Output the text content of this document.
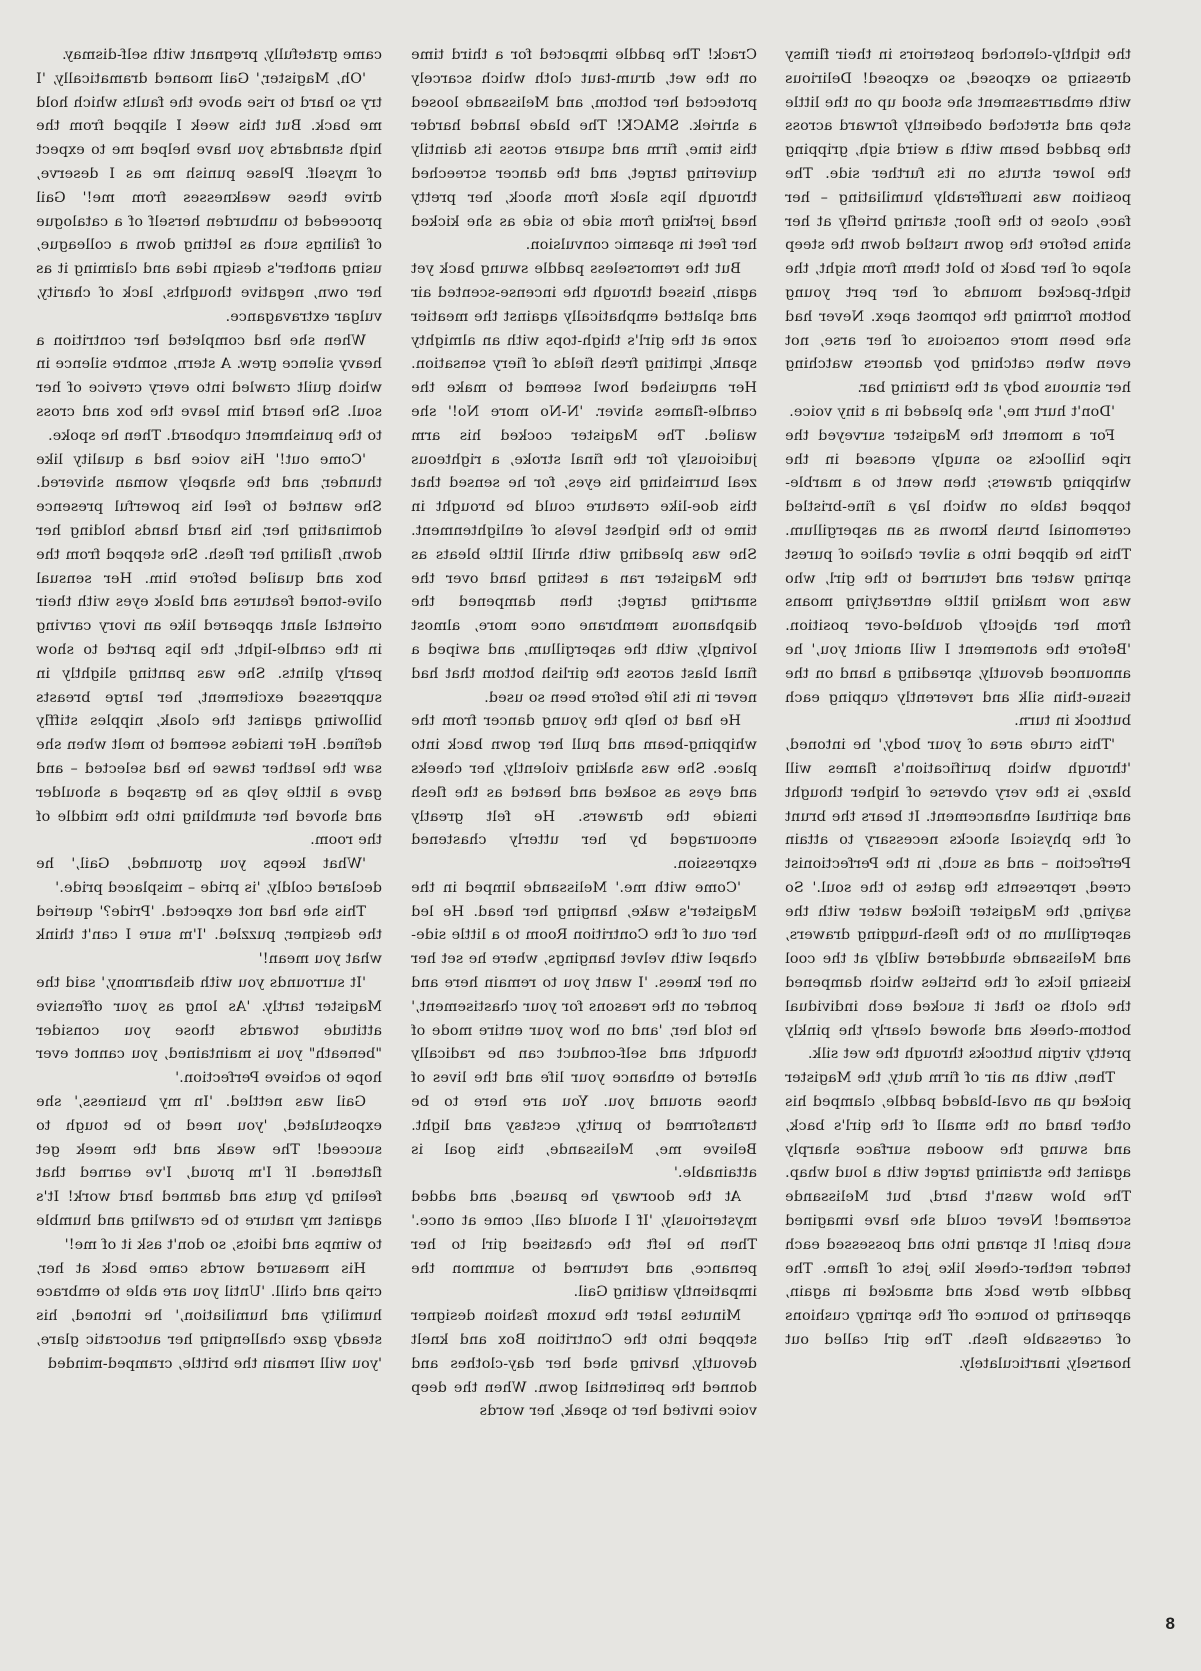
the tightly-clenched posteriors in their flimsy dressing so exposed, so exposed! Delirious with embarrassment she stood up on the little step and stretched obediently forward across the padded beam with a weird sigh, gripping the lower struts on its further side. The position was insufferably humiliating – her face, close to the floor, staring briefly at her shins before the gown rustled down the steep slope of her back to blot them from sight, the tight-packed mounds of her pert young bottom forming the topmost apex. Never had she been more conscious of her arse, not even when catching boy dancers watching her sinuous body at the training bar.

'Don't hurt me,' she pleaded in a tiny voice.

For a moment the Magister surveyed the ripe hillocks so snugly encased in the whipping drawers; then went to a marble-topped table on which lay a fine-bristled ceremonial brush known as an aspergillum. This he dipped into a silver chalice of purest spring water and returned to the girl, who was now making little entreatying moans from her abjectly doubled-over position. 'Before the atonement I will anoint you,' he announced devoutly, spreading a hand on the tissue-thin silk and reverently cupping each buttock in turn.

'This crude area of your body,' he intoned, 'through which purification's flames will blaze, is the very obverse of higher thought and spiritual enhancement. It bears the brunt of the physical shocks necessary to attain Perfection – and as such, in the Perfectionist creed, represents the gates to the soul.' So saying, the Magister flicked water with the aspergillum on to the flesh-hugging drawers, and Melissande shuddered wildly at the cool kissing licks of the bristles which dampened the cloth so that it sucked each individual bottom-cheek and showed clearly the pinkly pretty virgin buttocks through the wet silk.

Then, with an air of firm duty, the Magister picked up an oval-bladed paddle, clamped his other hand on the small of the girl's back, and swung the wooden surface sharply against the straining target with a loud whap. The blow wasn't hard, but Melissande screamed! Never could she have imagined such pain! It sprang into and possessed each tender nether-cheek like jets of flame. The paddle drew back and smacked in again, appearing to bounce off the springy cushions of caressable flesh. The girl called out hoarsely, inarticulately.

Crack! The paddle impacted for a third time on the wet, drum-taut cloth which scarcely protected her bottom, and Melissande loosed a shriek. SMACK! The blade landed harder this time, firm and square across its daintily quivering target, and the dancer screeched through lips slack from shock, her pretty head jerking from side to side as she kicked her feet in spasmic convulsion.

But the remorseless paddle swung back yet again, hissed through the incense-scented air and splatted emphatically against the meatier zone at the girl's thigh-tops with an almighty spank, igniting fresh fields of fiery sensation. Her anguished howl seemed to make the candle-flames shiver. 'N-No more No!' she wailed. The Magister cocked his arm judiciously for the final stroke, a righteous zeal burnishing his eyes, for he sensed that this doe-like creature could be brought in time to the highest levels of enlightenment. She was pleading with shrill little bleats as the Magister ran a testing hand over the smarting target; then dampened the diaphanous membrane once more, almost lovingly, with the aspergillum, and swiped a final blast across the girlish bottom that had never in its life before been so used.

He had to help the young dancer from the whipping-beam and pull her gown back into place. She was shaking violently, her cheeks and eyes as soaked and heated as the flesh inside the drawers. He felt greatly encouraged by her utterly chastened expression.

'Come with me.' Melissande limped in the Magister's wake, hanging her head. He led her out of the Contrition Room to a little side-chapel with velvet hangings, where he set her on her knees. 'I want you to remain here and ponder on the reasons for your chastisement,' he told her, 'and on how your entire mode of thought and self-conduct can be radically altered to enhance your life and the lives of those around you. You are here to be transformed to purity, ecstasy and light. Believe me, Melissande, this goal is attainable.'

At the doorway he paused, and added mysteriously, 'If I should call, come at once.' Then he left the chastised girl to her penance, and returned to summon the impatiently waiting Gail.

Minutes later the buxom fashion designer stepped into the Contrition Box and knelt devoutly, having shed her day-clothes and donned the penitential gown. When the deep voice invited her to speak, her words

came gratefully, pregnant with self-dismay.

'Oh, Magister,' Gail moaned dramatically, 'I try so hard to rise above the faults which hold me back. But this week I slipped from the high standards you have helped me to expect of myself. Please punish me as I deserve, drive these weaknesses from me!' Gail proceeded to unburden herself of a catalogue of failings such as letting down a colleague, using another's design idea and claiming it as her own, negative thoughts, lack of charity, vulgar extravagance.

When she had completed her contrition a heavy silence grew. A stern, sombre silence in which guilt crawled into every crevice of her soul. She heard him leave the box and cross to the punishment cupboard. Then he spoke.

'Come out!' His voice had a quality like thunder, and the shapely woman shivered. She wanted to feel his powerful presence dominating her, his hard hands holding her down, flailing her flesh. She stepped from the box and quailed before him. Her sensual olive-toned features and black eyes with their oriental slant appeared like an ivory carving in the candle-light, the lips parted to show pearly glints. She was panting slightly in suppressed excitement, her large breasts billowing against the cloak, nipples stiffly defined. Her insides seemed to melt when she saw the leather tawse he had selected – and gave a little yelp as he grasped a shoulder and shoved her stumbling into the middle of the room.

'What keeps you grounded, Gail,' he declared coldly, 'is pride – misplaced pride.'

This she had not expected. 'Pride?' queried the designer, puzzled. 'I'm sure I can't think what you mean!'

'It surrounds you with disharmony,' said the Magister tartly. 'As long as your offensive attitude towards those you consider "beneath" you is maintained, you cannot ever hope to achieve Perfection.'

Gail was nettled. 'In my business,' she expostulated, 'you need to be tough to succeed! The weak and the meek get flattened. If I'm proud, I've earned that feeling by guts and damned hard work! It's against my nature to be crawling and humble to wimps and idiots, so don't ask it of me!'

His measured words came back at her, crisp and chill. 'Until you are able to embrace humility and humiliation,' he intoned, his steady gaze challenging her autocratic glare, 'you will remain the brittle, cramped-minded

8
